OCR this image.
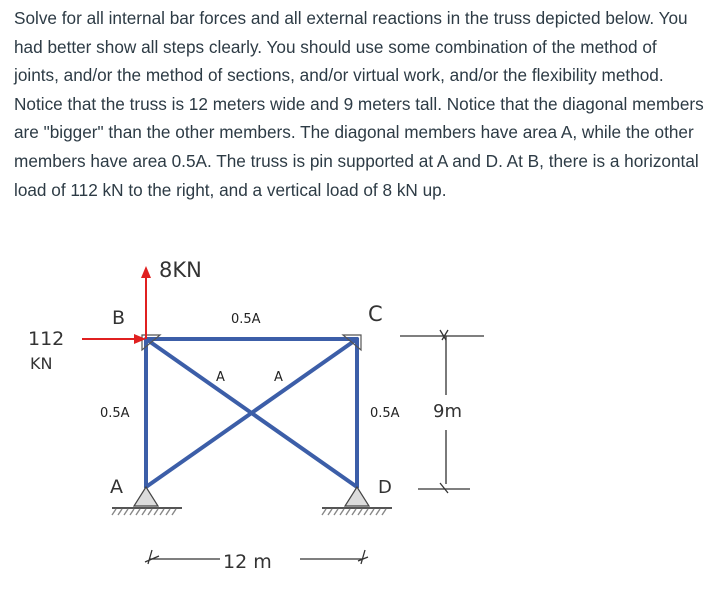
Solve for all internal bar forces and all external reactions in the truss depicted below. You had better show all steps clearly. You should use some combination of the method of joints, and/or the method of sections, and/or virtual work, and/or the flexibility method. Notice that the truss is 12 meters wide and 9 meters tall. Notice that the diagonal members are "bigger" than the other members. The diagonal members have area A, while the other members have area 0.5A. The truss is pin supported at A and D. At B, there is a horizontal load of 112 kN to the right, and a vertical load of 8 kN up.

8KN
112
KN
B	C
A	D
0.5A
0.5A	0.5A
A	A
9m
12 m
